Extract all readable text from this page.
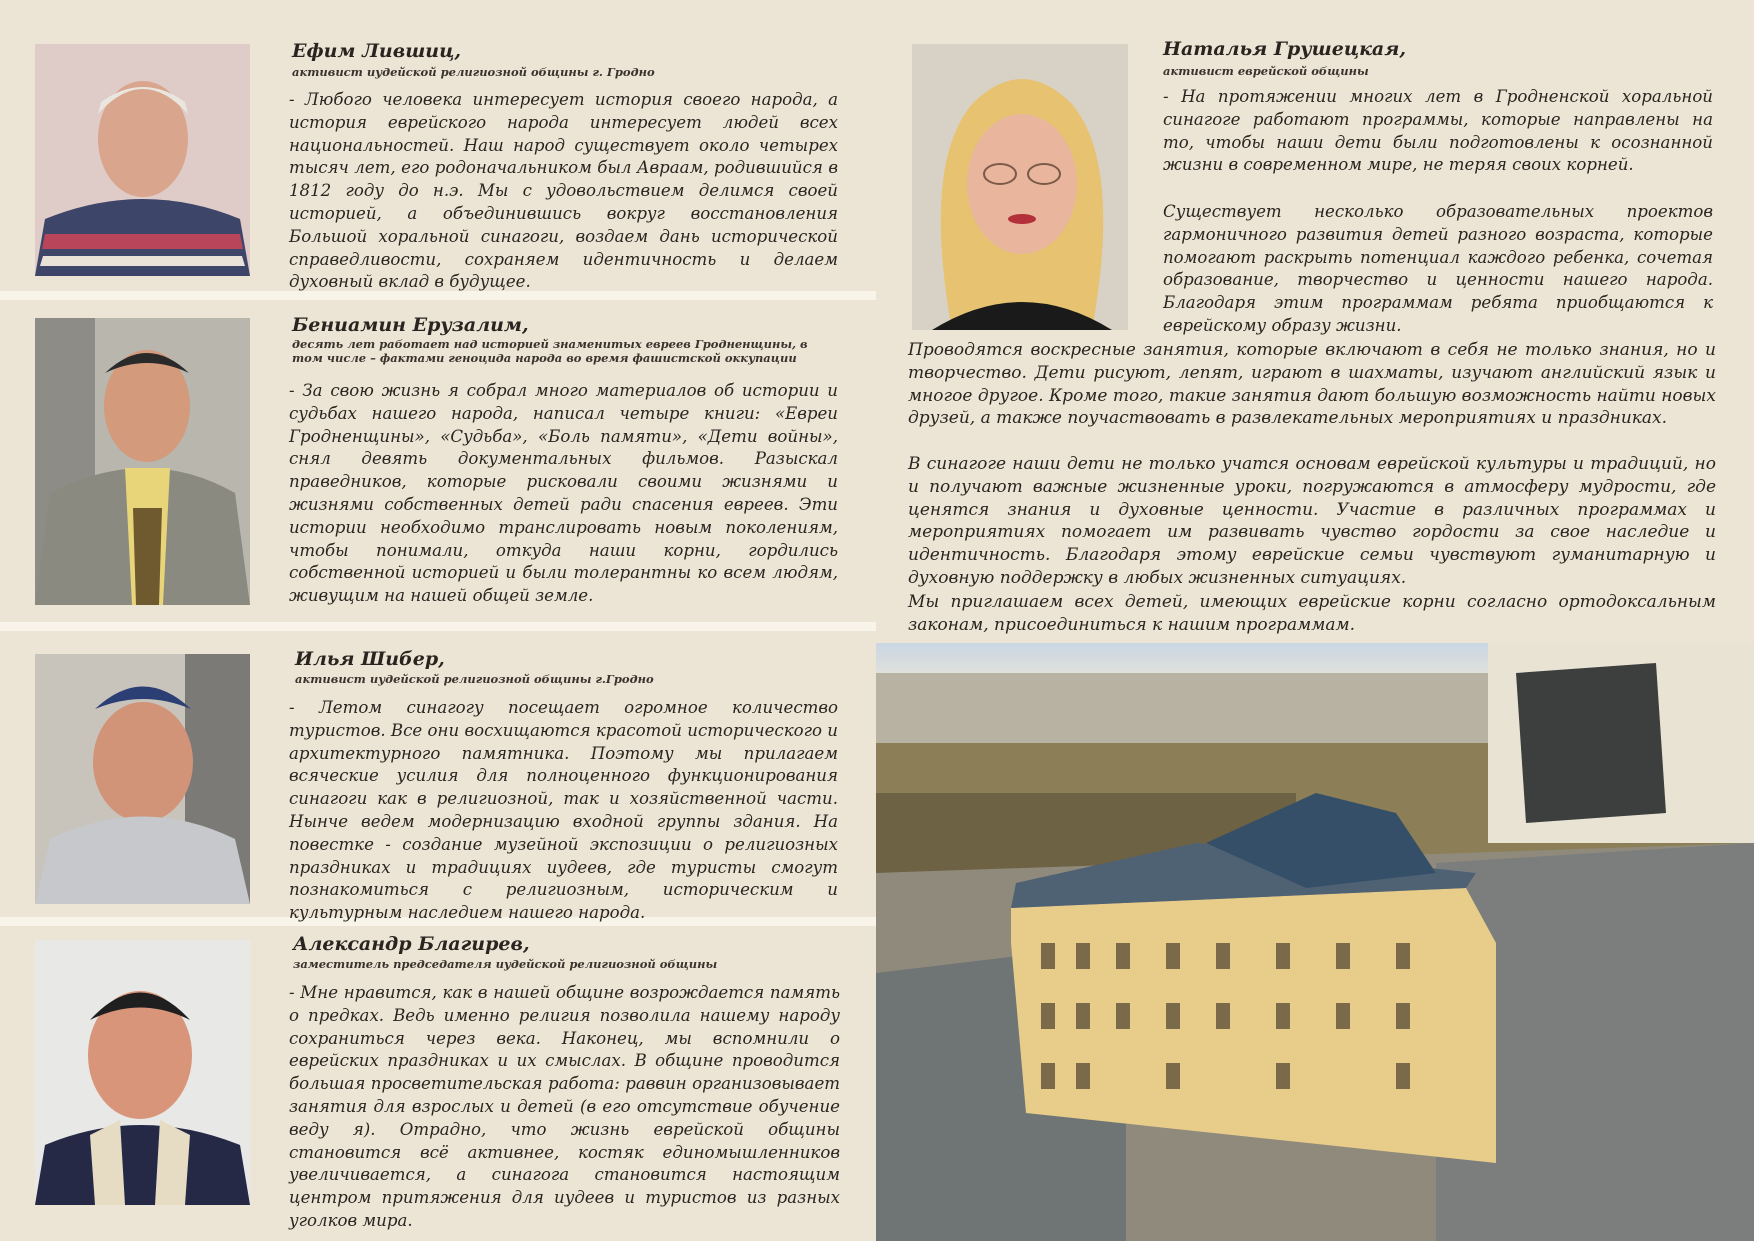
Ефим Лившиц,

активист иудейской религиозной общины г. Гродно

- Любого человека интересует история своего народа, а история еврейского народа интересует людей всех национальностей. Наш народ существует около четырех тысяч лет, его родоначальником был Авраам, родившийся в 1812 году до н.э. Мы с удовольствием делимся своей историей, а объединившись вокруг восстановления Большой хоральной синагоги, воздаем дань исторической справедливости, сохраняем идентичность и делаем духовный вклад в будущее.

Бениамин Ерузалим,

десять лет работает над историей знаменитых евреев Гродненщины, в том числе – фактами геноцида народа во время фашистской оккупации

- За свою жизнь я собрал много материалов об истории и судьбах нашего народа, написал четыре книги: «Евреи Гродненщины», «Судьба», «Боль памяти», «Дети войны», снял девять документальных фильмов. Разыскал праведников, которые рисковали своими жизнями и жизнями собственных детей ради спасения евреев. Эти истории необходимо транслировать новым поколениям, чтобы понимали, откуда наши корни, гордились собственной историей и были толерантны ко всем людям, живущим на нашей общей земле.

Илья Шибер,

активист иудейской религиозной общины г.Гродно

- Летом синагогу посещает огромное количество туристов. Все они восхищаются красотой исторического и архитектурного памятника. Поэтому мы прилагаем всяческие усилия для полноценного функционирования синагоги как в религиозной, так и хозяйственной части. Нынче ведем модернизацию входной группы здания. На повестке - создание музейной экспозиции о религиозных праздниках и традициях иудеев, где туристы смогут познакомиться с религиозным, историческим и культурным наследием нашего народа.

Александр Благирев,

заместитель председателя иудейской религиозной общины

- Мне нравится, как в нашей общине возрождается память о предках. Ведь именно религия позволила нашему народу сохраниться через века. Наконец, мы вспомнили о еврейских праздниках и их смыслах. В общине проводится большая просветительская работа: раввин организовывает занятия для взрослых и детей (в его отсутствие обучение веду я). Отрадно, что жизнь еврейской общины становится всё активнее, костяк единомышленников увеличивается, а синагога становится настоящим центром притяжения для иудеев и туристов из разных уголков мира.

Наталья Грушецкая,

активист еврейской общины

- На протяжении многих лет в Гродненской хоральной синагоге работают программы, которые направлены на то, чтобы наши дети были подготовлены к осознанной жизни в современном мире, не теряя своих корней.

Существует несколько образовательных проектов гармоничного развития детей разного возраста, которые помогают раскрыть потенциал каждого ребенка, сочетая образование, творчество и ценности нашего народа. Благодаря этим программам ребята приобщаются к еврейскому образу жизни.

Проводятся воскресные занятия, которые включают в себя не только знания, но и творчество. Дети рисуют, лепят, играют в шахматы, изучают английский язык и многое другое. Кроме того, такие занятия дают большую возможность найти новых друзей, а также поучаствовать в развлекательных мероприятиях и праздниках.

В синагоге наши дети не только учатся основам еврейской культуры и традиций, но и получают важные жизненные уроки, погружаются в атмосферу мудрости, где ценятся знания и духовные ценности. Участие в различных программах и мероприятиях помогает им развивать чувство гордости за свое наследие и идентичность. Благодаря этому еврейские семьи чувствуют гуманитарную и духовную поддержку в любых жизненных ситуациях.

Мы приглашаем всех детей, имеющих еврейские корни согласно ортодоксальным законам, присоединиться к нашим программам.
